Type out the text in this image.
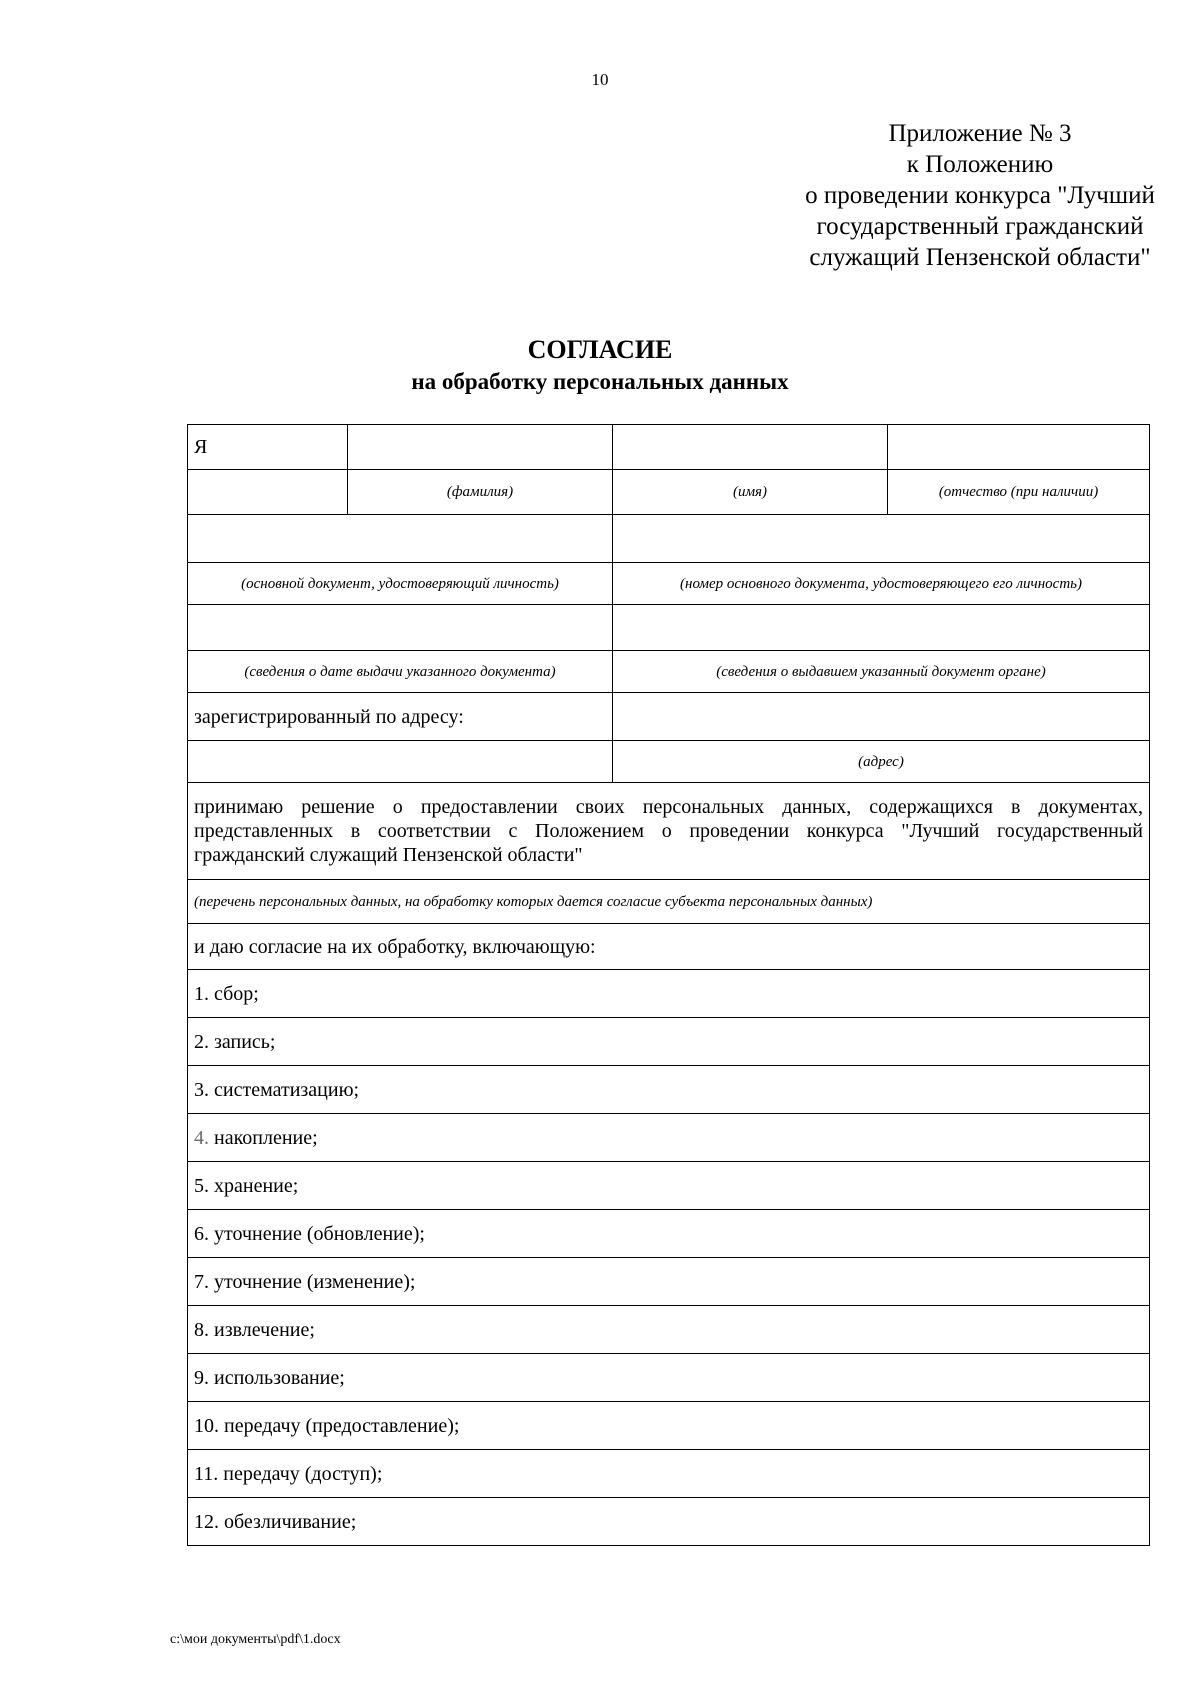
10
Приложение № 3
к Положению
о проведении конкурса "Лучший
государственный гражданский
служащий Пензенской области"
СОГЛАСИЕ
на обработку персональных данных
Я			
	(фамилия)	(имя)	(отчество (при наличии)

(основной документ, удостоверяющий личность)		(номер основного документа, удостоверяющего его личность)	

(сведения о дате выдачи указанного документа)		(сведения о выдавшем указанный документ органе)	
зарегистрированный по адресу:			
		(адрес)	
принимаю решение о предоставлении своих персональных данных, содержащихся в документах, представленных в соответствии с Положением о проведении конкурса "Лучший государственный гражданский служащий Пензенской области"			
(перечень персональных данных, на обработку которых дается согласие субъекта персональных данных)			
и даю согласие на их обработку, включающую:			
1. сбор;			
2. запись;			
3. систематизацию;			
4. накопление;			
5. хранение;			
6. уточнение (обновление);			
7. уточнение (изменение);			
8. извлечение;			
9. использование;			
10. передачу (предоставление);			
11. передачу (доступ);			
12. обезличивание;			
c:\мои документы\pdf\1.docx
